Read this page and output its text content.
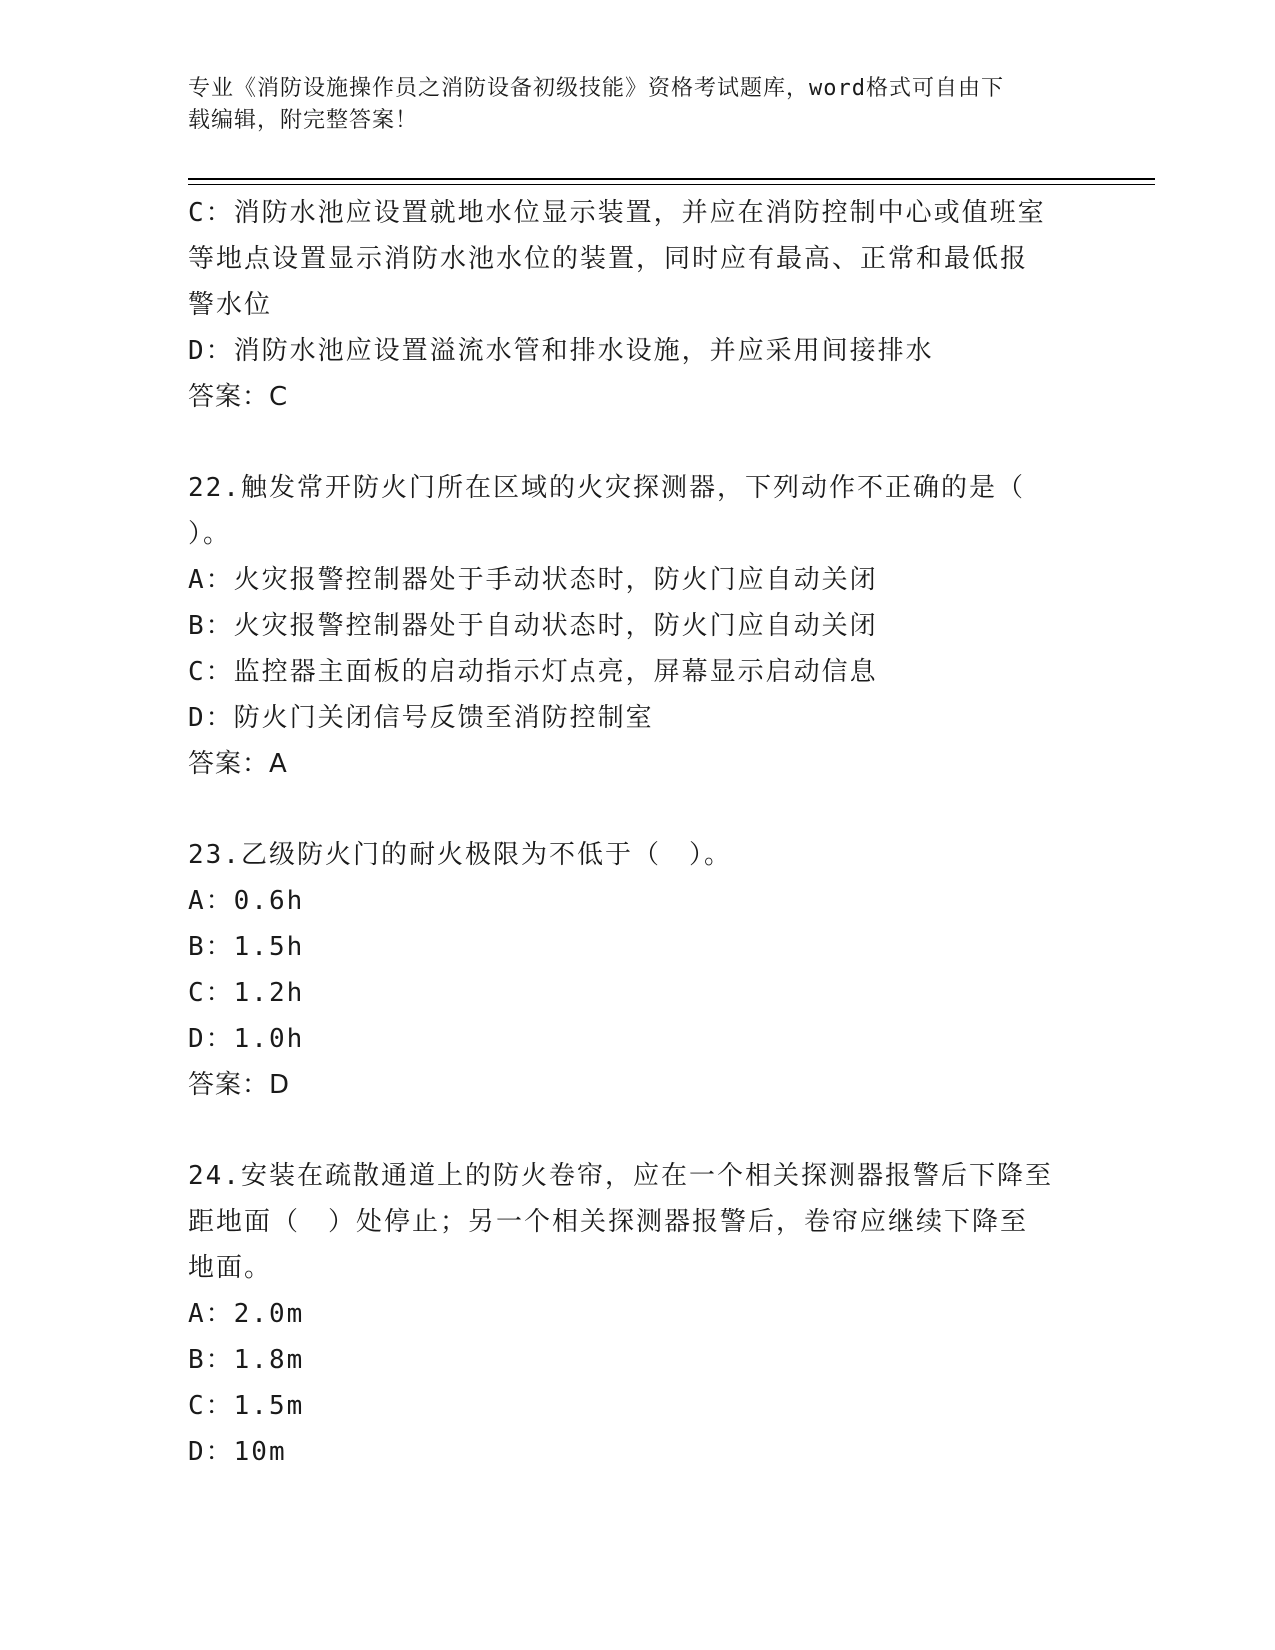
专业《消防设施操作员之消防设备初级技能》资格考试题库，word格式可自由下
载编辑，附完整答案！

C：消防水池应设置就地水位显示装置，并应在消防控制中心或值班室

等地点设置显示消防水池水位的装置，同时应有最高、正常和最低报

警水位

D：消防水池应设置溢流水管和排水设施，并应采用间接排水

答案：C

22.触发常开防火门所在区域的火灾探测器，下列动作不正确的是（

）。

A：火灾报警控制器处于手动状态时，防火门应自动关闭

B：火灾报警控制器处于自动状态时，防火门应自动关闭

C：监控器主面板的启动指示灯点亮，屏幕显示启动信息

D：防火门关闭信号反馈至消防控制室

答案：A

23.乙级防火门的耐火极限为不低于（　）。

A：0.6h

B：1.5h

C：1.2h

D：1.0h

答案：D

24.安装在疏散通道上的防火卷帘，应在一个相关探测器报警后下降至

距地面（　）处停止；另一个相关探测器报警后，卷帘应继续下降至

地面。

A：2.0m

B：1.8m

C：1.5m

D：10m
